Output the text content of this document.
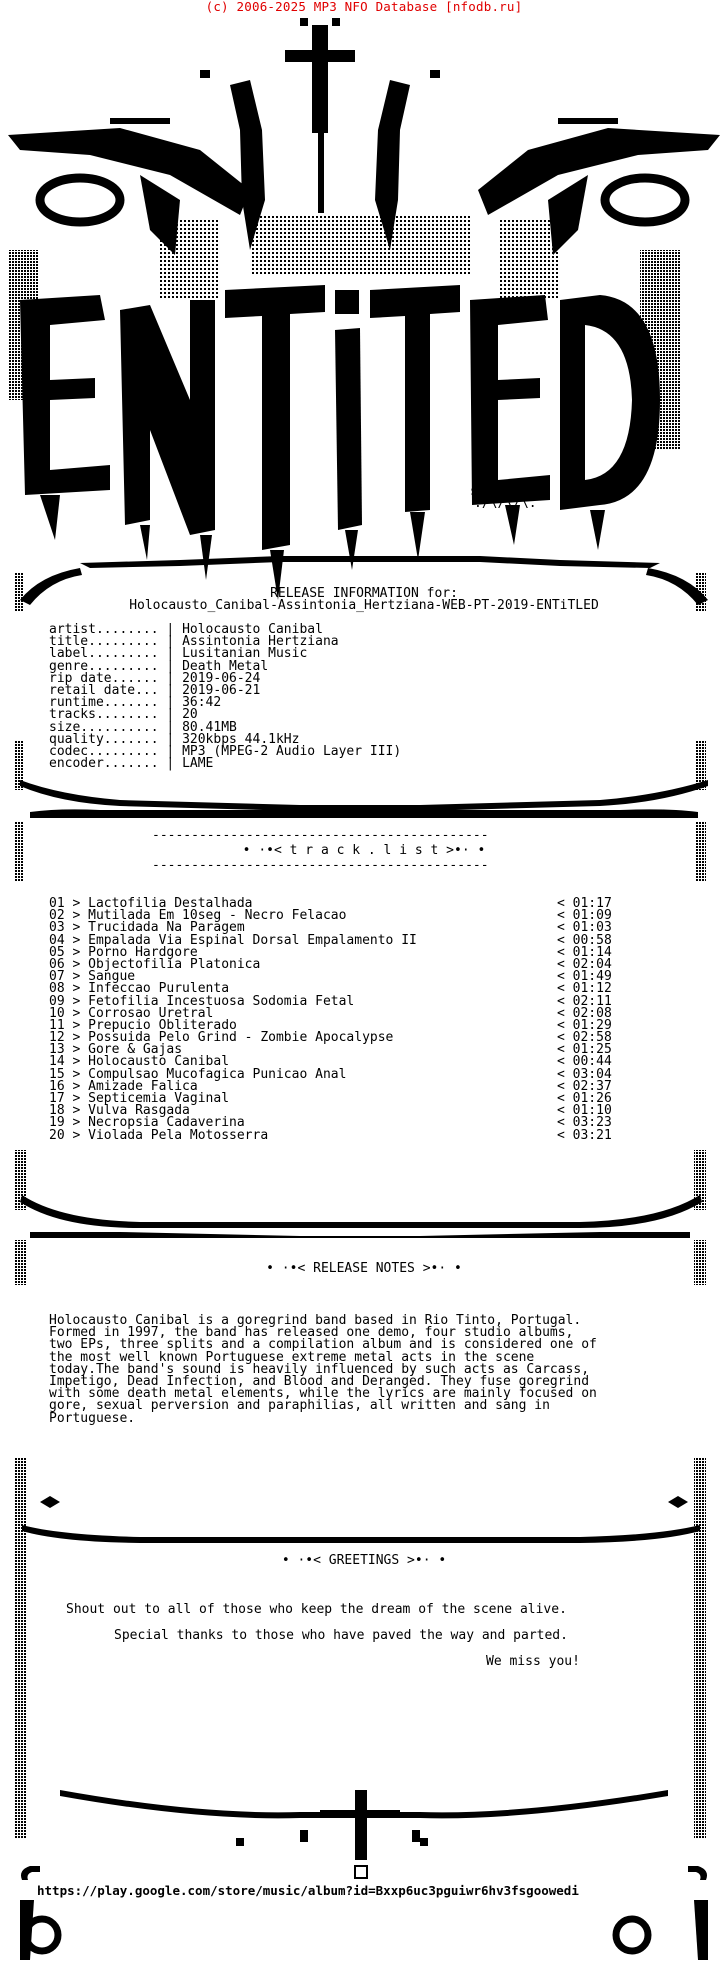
(c) 2006-2025 MP3 NFO Database [nfodb.ru]
sM!iMPURE
./\/\/\.
RELEASE INFORMATION for:
Holocausto_Canibal-Assintonia_Hertziana-WEB-PT-2019-ENTiTLED
artist........ | Holocausto Canibal
title......... | Assintonia Hertziana
label......... | Lusitanian Music
genre......... | Death Metal
rip date...... | 2019-06-24
retail date... | 2019-06-21
runtime....... | 36:42
tracks........ | 20
size.......... | 80.41MB
quality....... | 320kbps 44.1kHz
codec......... | MP3 (MPEG-2 Audio Layer III)
encoder....... | LAME
-------------------------------------------
• ·•< t r a c k . l i s t >•· •
-------------------------------------------
01 > Lactofilia Destalhada	< 01:17
02 > Mutilada Em 10seg - Necro Felacao	< 01:09
03 > Trucidada Na Paragem	< 01:03
04 > Empalada Via Espinal Dorsal Empalamento II	< 00:58
05 > Porno Hardgore	< 01:14
06 > Objectofilia Platonica	< 02:04
07 > Sangue	< 01:49
08 > Infeccao Purulenta	< 01:12
09 > Fetofilia Incestuosa Sodomia Fetal	< 02:11
10 > Corrosao Uretral	< 02:08
11 > Prepucio Obliterado	< 01:29
12 > Possuida Pelo Grind - Zombie Apocalypse	< 02:58
13 > Gore & Gajas	< 01:25
14 > Holocausto Canibal	< 00:44
15 > Compulsao Mucofagica Punicao Anal	< 03:04
16 > Amizade Falica	< 02:37
17 > Septicemia Vaginal	< 01:26
18 > Vulva Rasgada	< 01:10
19 > Necropsia Cadaverina	< 03:23
20 > Violada Pela Motosserra	< 03:21
• ·•< RELEASE NOTES >•· •
Holocausto Canibal is a goregrind band based in Rio Tinto, Portugal.
Formed in 1997, the band has released one demo, four studio albums,
two EPs, three splits and a compilation album and is considered one of
the most well known Portuguese extreme metal acts in the scene
today.The band's sound is heavily influenced by such acts as Carcass,
Impetigo, Dead Infection, and Blood and Deranged. They fuse goregrind
with some death metal elements, while the lyrics are mainly focused on
gore, sexual perversion and paraphilias, all written and sang in
Portuguese.
• ·•< GREETINGS >•· •
Shout out to all of those who keep the dream of the scene alive.
Special thanks to those who have paved the way and parted.
We miss you!
https://play.google.com/store/music/album?id=Bxxp6uc3pguiwr6hv3fsgoowedi
